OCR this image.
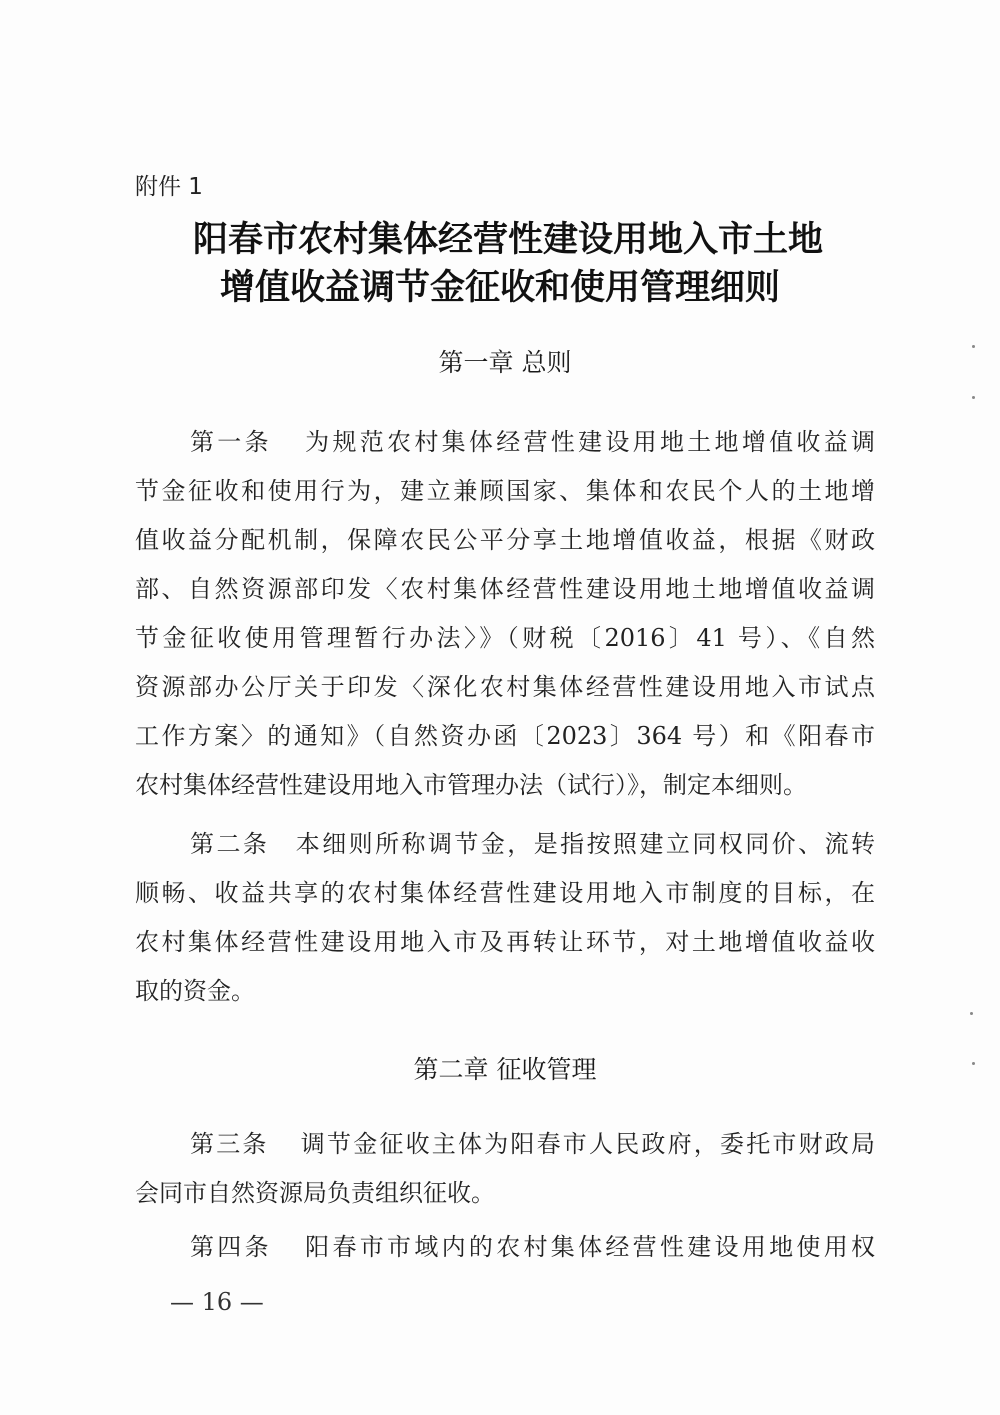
附件 1
阳春市农村集体经营性建设用地入市土地
增值收益调节金征收和使用管理细则
第一章 总则
第一条 为规范农村集体经营性建设用地土地增值收益调
节金征收和使用行为，建立兼顾国家、集体和农民个人的土地增
值收益分配机制，保障农民公平分享土地增值收益，根据《财政
部、自然资源部印发〈农村集体经营性建设用地土地增值收益调
节金征收使用管理暂行办法〉》（财税〔2016〕41 号）、《自然
资源部办公厅关于印发〈深化农村集体经营性建设用地入市试点
工作方案〉的通知》（自然资办函〔2023〕364 号）和《阳春市
农村集体经营性建设用地入市管理办法（试行）》，制定本细则。
第二条 本细则所称调节金，是指按照建立同权同价、流转
顺畅、收益共享的农村集体经营性建设用地入市制度的目标，在
农村集体经营性建设用地入市及再转让环节，对土地增值收益收
取的资金。
第二章 征收管理
第三条 调节金征收主体为阳春市人民政府，委托市财政局
会同市自然资源局负责组织征收。
第四条 阳春市市域内的农村集体经营性建设用地使用权
— 16 —
